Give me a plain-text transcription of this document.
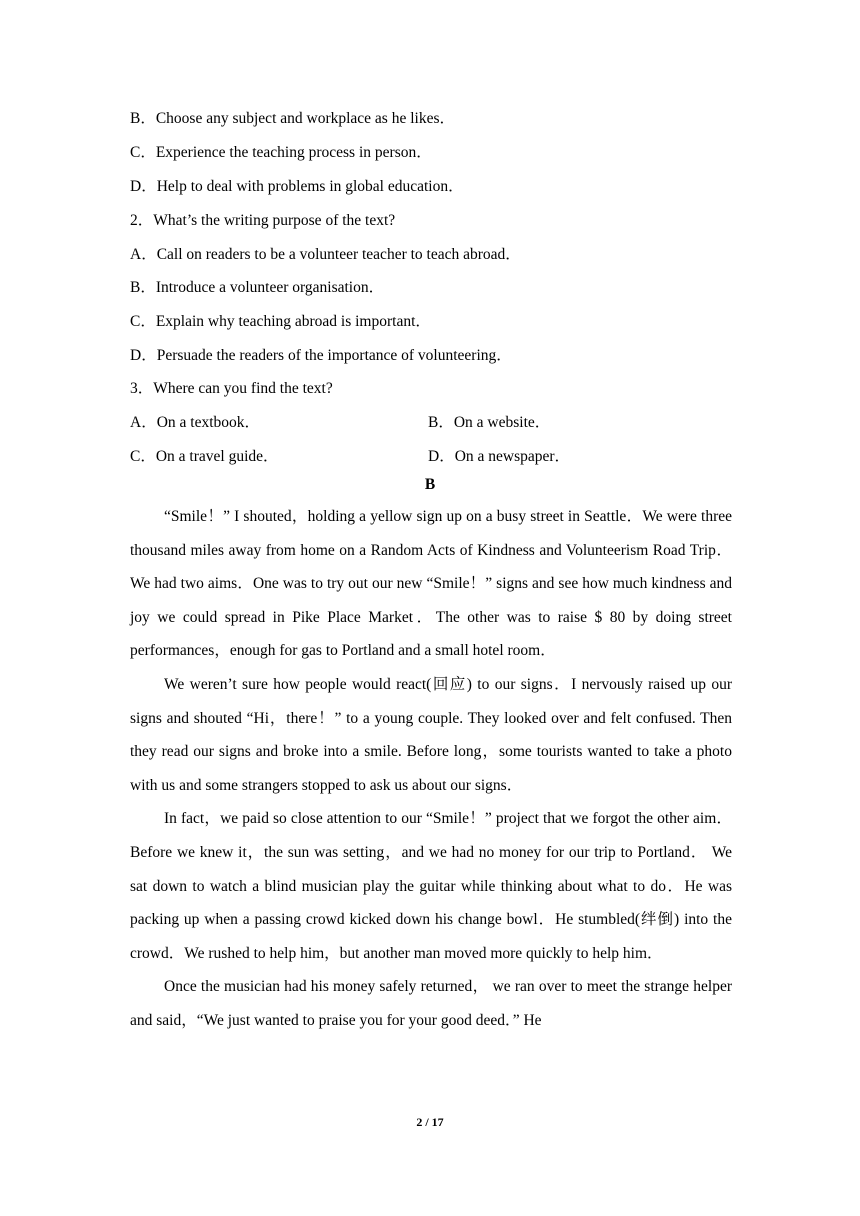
B．Choose any subject and workplace as he likes．
C．Experience the teaching process in person．
D．Help to deal with problems in global education．
2．What’s the writing purpose of the text?
A．Call on readers to be a volunteer teacher to teach abroad．
B．Introduce a volunteer organisation．
C．Explain why teaching abroad is important．
D．Persuade the readers of the importance of volunteering．
3．Where can you find the text?
A．On a textbook．	B．On a website．
C．On a travel guide．	D．On a newspaper．
B

“Smile！” I shouted，holding a yellow sign up on a busy street in Seattle．We were three thousand miles away from home on a Random Acts of Kindness and Volunteerism Road Trip．We had two aims．One was to try out our new “Smile！” signs and see how much kindness and joy we could spread in Pike Place Market．The other was to raise $ 80 by doing street performances，enough for gas to Portland and a small hotel room．

We weren’t sure how people would react(回应) to our signs．I nervously raised up our signs and shouted “Hi，there！” to a young couple. They looked over and felt confused. Then they read our signs and broke into a smile. Before long，some tourists wanted to take a photo with us and some strangers stopped to ask us about our signs．

In fact，we paid so close attention to our “Smile！” project that we forgot the other aim．Before we knew it，the sun was setting，and we had no money for our trip to Portland． We sat down to watch a blind musician play the guitar while thinking about what to do．He was packing up when a passing crowd kicked down his change bowl．He stumbled(绊倒) into the crowd．We rushed to help him，but another man moved more quickly to help him．

Once the musician had his money safely returned， we ran over to meet the strange helper and said，“We just wanted to praise you for your good deed．” He

2 / 17
